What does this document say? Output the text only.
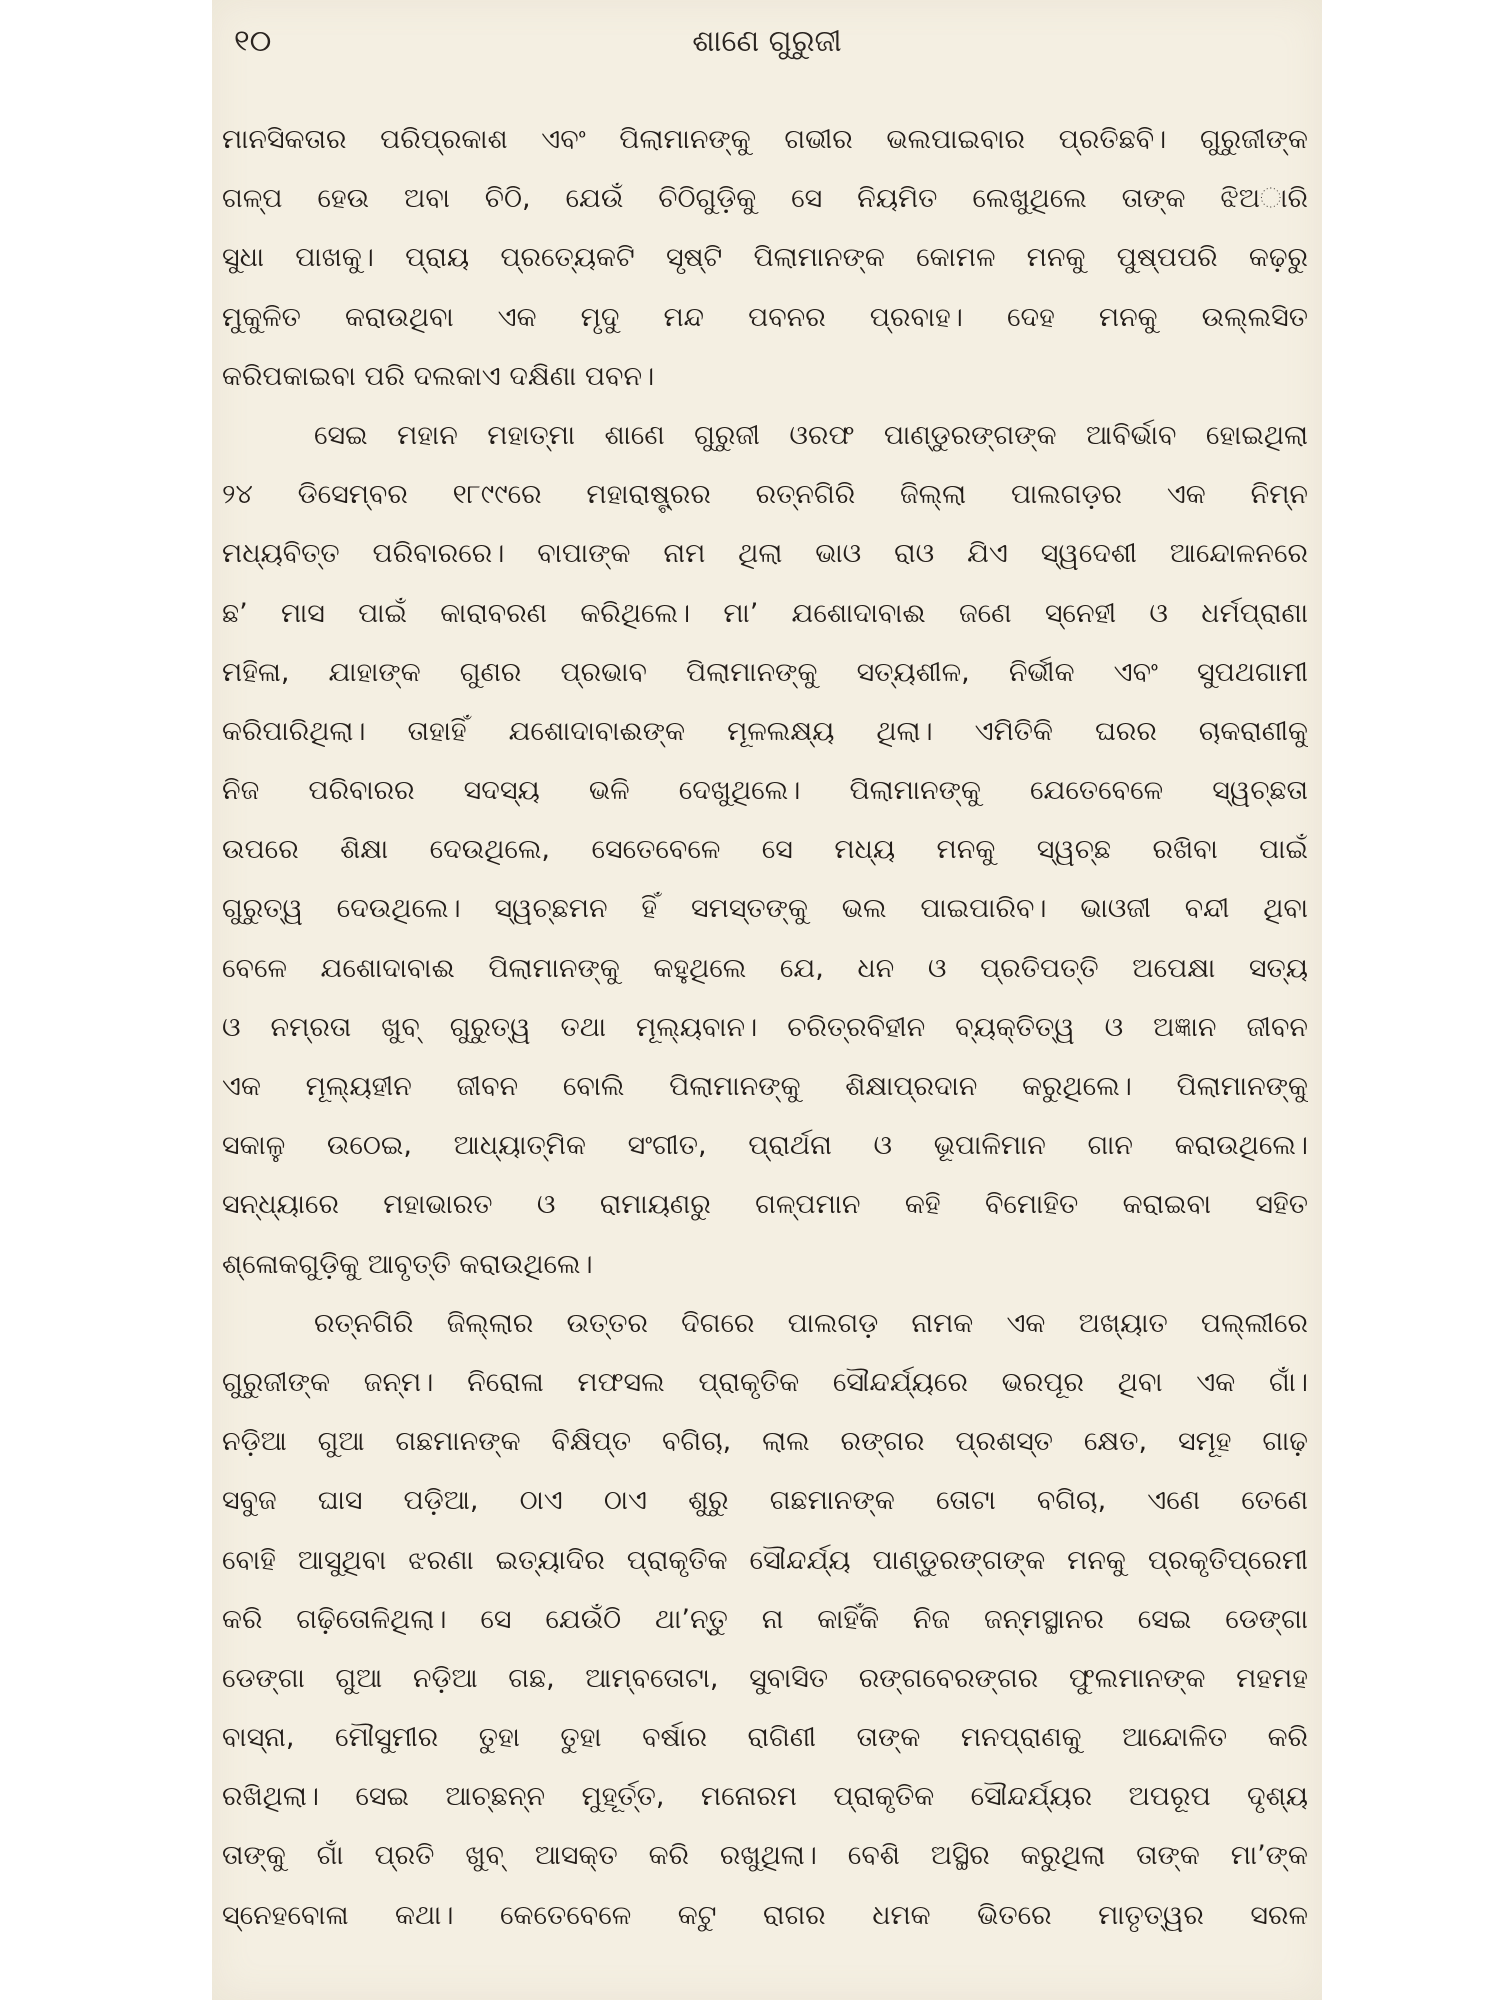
୧୦	ଶାଣେ ଗୁରୁଜୀ
ମାନସିକତାର ପରିପ୍ରକାଶ ଏବଂ ପିଲାମାନଙ୍କୁ ଗଭୀର ଭଲପାଇବାର ପ୍ରତିଛବି। ଗୁରୁଜୀଙ୍କ
ଗଳ୍ପ ହେଉ ଅବା ଚିଠି, ଯେଉଁ ଚିଠିଗୁଡ଼ିକୁ ସେ ନିୟମିତ ଲେଖୁଥିଲେ ତାଙ୍କ ଝିଅାରି
ସୁଧା ପାଖକୁ। ପ୍ରାୟ ପ୍ରତ୍ୟେକଟି ସୃଷ୍ଟି ପିଲାମାନଙ୍କ କୋମଳ ମନକୁ ପୁଷ୍ପପରି କଢ଼ରୁ
ମୁକୁଳିତ କରାଉଥିବା ଏକ ମୃଦୁ ମନ୍ଦ ପବନର ପ୍ରବାହ। ଦେହ ମନକୁ ଉଲ୍ଲସିତ
କରିପକାଇବା ପରି ଦଲକାଏ ଦକ୍ଷିଣା ପବନ।
ସେଇ ମହାନ ମହାତ୍ମା ଶାଣେ ଗୁରୁଜୀ ଓରଫ ପାଣ୍ଡୁରଙ୍ଗଙ୍କ ଆବିର୍ଭାବ ହୋଇଥିଲା
୨୪ ଡିସେମ୍ବର ୧୮୯୯ରେ ମହାରାଷ୍ଟ୍ରର ରତ୍ନଗିରି ଜିଲ୍ଲା ପାଲଗଡ଼ର ଏକ ନିମ୍ନ
ମଧ୍ୟବିତ୍ତ ପରିବାରରେ। ବାପାଙ୍କ ନାମ ଥିଲା ଭାଓ ରାଓ ଯିଏ ସ୍ୱଦେଶୀ ଆନ୍ଦୋଳନରେ
ଛ’ ମାସ ପାଇଁ କାରାବରଣ କରିଥିଲେ। ମା’ ଯଶୋଦାବାଈ ଜଣେ ସ୍ନେହୀ ଓ ଧର୍ମପ୍ରାଣା
ମହିଳା, ଯାହାଙ୍କ ଗୁଣର ପ୍ରଭାବ ପିଲାମାନଙ୍କୁ ସତ୍ୟଶୀଳ, ନିର୍ଭୀକ ଏବଂ ସୁପଥଗାମୀ
କରିପାରିଥିଲା। ତାହାହିଁ ଯଶୋଦାବାଈଙ୍କ ମୂଳଲକ୍ଷ୍ୟ ଥିଲା। ଏମିତିକି ଘରର ଚାକରାଣୀକୁ
ନିଜ ପରିବାରର ସଦସ୍ୟ ଭଳି ଦେଖୁଥିଲେ। ପିଲାମାନଙ୍କୁ ଯେତେବେଳେ ସ୍ୱଚ୍ଛତା
ଉପରେ ଶିକ୍ଷା ଦେଉଥିଲେ, ସେତେବେଳେ ସେ ମଧ୍ୟ ମନକୁ ସ୍ୱଚ୍ଛ ରଖିବା ପାଇଁ
ଗୁରୁତ୍ୱ ଦେଉଥିଲେ। ସ୍ୱଚ୍ଛମନ ହିଁ ସମସ୍ତଙ୍କୁ ଭଲ ପାଇପାରିବ। ଭାଓଜୀ ବନ୍ଦୀ ଥିବା
ବେଳେ ଯଶୋଦାବାଈ ପିଲାମାନଙ୍କୁ କହୁଥିଲେ ଯେ, ଧନ ଓ ପ୍ରତିପତ୍ତି ଅପେକ୍ଷା ସତ୍ୟ
ଓ ନମ୍ରତା ଖୁବ୍ ଗୁରୁତ୍ୱ ତଥା ମୂଲ୍ୟବାନ। ଚରିତ୍ରବିହୀନ ବ୍ୟକ୍ତିତ୍ୱ ଓ ଅଜ୍ଞାନ ଜୀବନ
ଏକ ମୂଲ୍ୟହୀନ ଜୀବନ ବୋଲି ପିଲାମାନଙ୍କୁ ଶିକ୍ଷାପ୍ରଦାନ କରୁଥିଲେ। ପିଲାମାନଙ୍କୁ
ସକାଳୁ ଉଠେଇ, ଆଧ୍ୟାତ୍ମିକ ସଂଗୀତ, ପ୍ରାର୍ଥନା ଓ ଭୂପାଳିମାନ ଗାନ କରାଉଥିଲେ।
ସନ୍ଧ୍ୟାରେ ମହାଭାରତ ଓ ରାମାୟଣରୁ ଗଳ୍ପମାନ କହି ବିମୋହିତ କରାଇବା ସହିତ
ଶ୍ଳୋକଗୁଡ଼ିକୁ ଆବୃତ୍ତି କରାଉଥିଲେ।
ରତ୍ନଗିରି ଜିଲ୍ଲାର ଉତ୍ତର ଦିଗରେ ପାଲଗଡ଼ ନାମକ ଏକ ଅଖ୍ୟାତ ପଲ୍ଲୀରେ
ଗୁରୁଜୀଙ୍କ ଜନ୍ମ। ନିରୋଳା ମଫସଲ ପ୍ରାକୃତିକ ସୌନ୍ଦର୍ଯ୍ୟରେ ଭରପୂର ଥିବା ଏକ ଗାଁ।
ନଡ଼ିଆ ଗୁଆ ଗଛମାନଙ୍କ ବିକ୍ଷିପ୍ତ ବଗିଚା, ଲାଲ ରଙ୍ଗର ପ୍ରଶସ୍ତ କ୍ଷେତ, ସମୂହ ଗାଢ଼
ସବୁଜ ଘାସ ପଡ଼ିଆ, ଠାଏ ଠାଏ ଶୁରୁ ଗଛମାନଙ୍କ ତୋଟା ବଗିଚା, ଏଣେ ତେଣେ
ବୋହି ଆସୁଥିବା ଝରଣା ଇତ୍ୟାଦିର ପ୍ରାକୃତିକ ସୌନ୍ଦର୍ଯ୍ୟ ପାଣ୍ଡୁରଙ୍ଗଙ୍କ ମନକୁ ପ୍ରକୃତିପ୍ରେମୀ
କରି ଗଢ଼ିତୋଳିଥିଲା। ସେ ଯେଉଁଠି ଥା’ନ୍ତୁ ନା କାହିଁକି ନିଜ ଜନ୍ମସ୍ଥାନର ସେଇ ଡେଙ୍ଗା
ଡେଙ୍ଗା ଗୁଆ ନଡ଼ିଆ ଗଛ, ଆମ୍ବତୋଟା, ସୁବାସିତ ରଙ୍ଗବେରଙ୍ଗର ଫୁଲମାନଙ୍କ ମହମହ
ବାସ୍ନା, ମୌସୁମୀର ତୁହା ତୁହା ବର୍ଷାର ରାଗିଣୀ ତାଙ୍କ ମନପ୍ରାଣକୁ ଆନ୍ଦୋଳିତ କରି
ରଖିଥିଲା। ସେଇ ଆଚ୍ଛନ୍ନ ମୁହୂର୍ତ୍ତ, ମନୋରମ ପ୍ରାକୃତିକ ସୌନ୍ଦର୍ଯ୍ୟର ଅପରୂପ ଦୃଶ୍ୟ
ତାଙ୍କୁ ଗାଁ ପ୍ରତି ଖୁବ୍ ଆସକ୍ତ କରି ରଖୁଥିଲା। ବେଶି ଅସ୍ଥିର କରୁଥିଲା ତାଙ୍କ ମା’ଙ୍କ
ସ୍ନେହବୋଳା କଥା। କେତେବେଳେ କଟୁ ରାଗର ଧମକ ଭିତରେ ମାତୃତ୍ୱର ସରଳ
